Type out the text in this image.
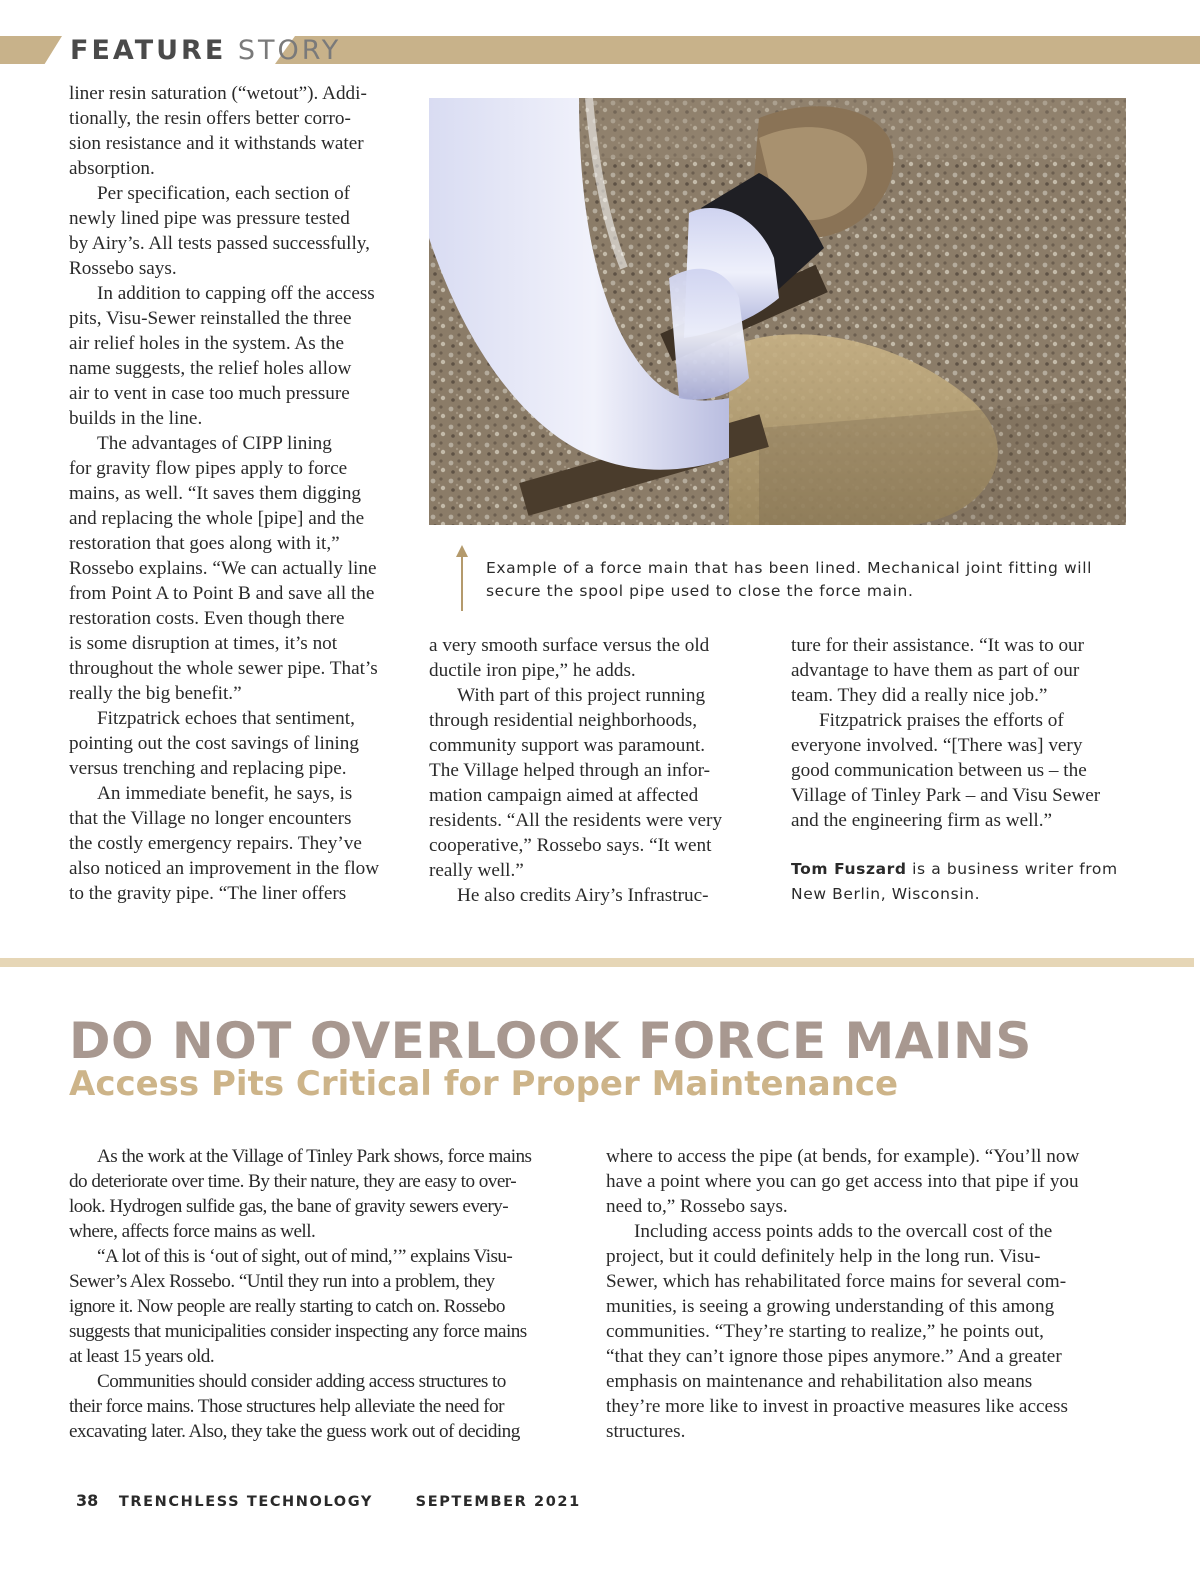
FEATURE STORY

liner resin saturation (“wetout”). Addi-
tionally, the resin offers better corro-
sion resistance and it withstands water
absorption.

Per specification, each section of
newly lined pipe was pressure tested
by Airy’s. All tests passed successfully,
Rossebo says.

In addition to capping off the access
pits, Visu-Sewer reinstalled the three
air relief holes in the system. As the
name suggests, the relief holes allow
air to vent in case too much pressure
builds in the line.

The advantages of CIPP lining
for gravity flow pipes apply to force
mains, as well. “It saves them digging
and replacing the whole [pipe] and the
restoration that goes along with it,”
Rossebo explains. “We can actually line
from Point A to Point B and save all the
restoration costs. Even though there
is some disruption at times, it’s not
throughout the whole sewer pipe. That’s
really the big benefit.”

Fitzpatrick echoes that sentiment,
pointing out the cost savings of lining
versus trenching and replacing pipe.

An immediate benefit, he says, is
that the Village no longer encounters
the costly emergency repairs. They’ve
also noticed an improvement in the flow
to the gravity pipe. “The liner offers

Example of a force main that has been lined. Mechanical joint fitting will
secure the spool pipe used to close the force main.

a very smooth surface versus the old
ductile iron pipe,” he adds.

With part of this project running
through residential neighborhoods,
community support was paramount.
The Village helped through an infor-
mation campaign aimed at affected
residents. “All the residents were very
cooperative,” Rossebo says. “It went
really well.”

He also credits Airy’s Infrastruc-

ture for their assistance. “It was to our
advantage to have them as part of our
team. They did a really nice job.”

Fitzpatrick praises the efforts of
everyone involved. “[There was] very
good communication between us – the
Village of Tinley Park – and Visu Sewer
and the engineering firm as well.”

Tom Fuszard is a business writer from
New Berlin, Wisconsin.
DO NOT OVERLOOK FORCE MAINS
Access Pits Critical for Proper Maintenance

As the work at the Village of Tinley Park shows, force mains
do deteriorate over time. By their nature, they are easy to over-
look. Hydrogen sulfide gas, the bane of gravity sewers every-
where, affects force mains as well.

“A lot of this is ‘out of sight, out of mind,’” explains Visu-
Sewer’s Alex Rossebo. “Until they run into a problem, they
ignore it. Now people are really starting to catch on. Rossebo
suggests that municipalities consider inspecting any force mains
at least 15 years old.

Communities should consider adding access structures to
their force mains. Those structures help alleviate the need for
excavating later. Also, they take the guess work out of deciding

where to access the pipe (at bends, for example). “You’ll now
have a point where you can go get access into that pipe if you
need to,” Rossebo says.

Including access points adds to the overcall cost of the
project, but it could definitely help in the long run. Visu-
Sewer, which has rehabilitated force mains for several com-
munities, is seeing a growing understanding of this among
communities. “They’re starting to realize,” he points out,
“that they can’t ignore those pipes anymore.” And a greater
emphasis on maintenance and rehabilitation also means
they’re more like to invest in proactive measures like access
structures.

38 TRENCHLESS TECHNOLOGY	SEPTEMBER 2021
